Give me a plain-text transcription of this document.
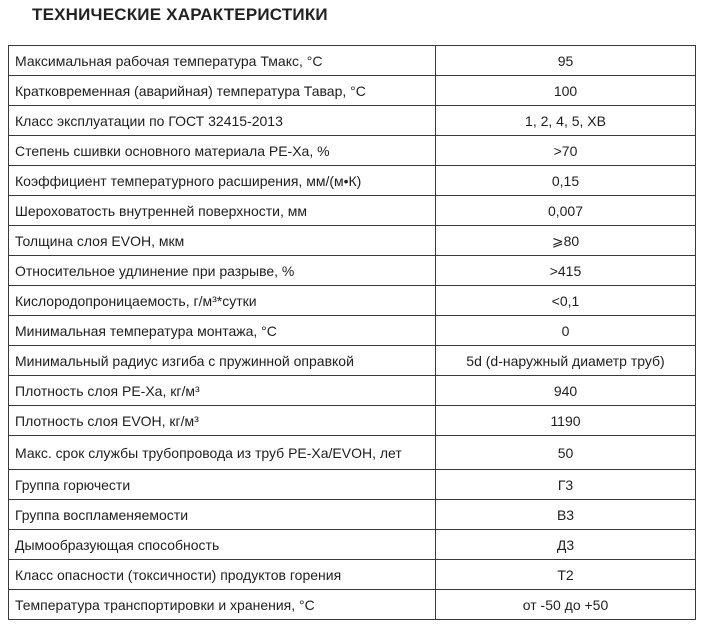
ТЕХНИЧЕСКИЕ ХАРАКТЕРИСТИКИ
Максимальная рабочая температура Тмакс, °С	95
Кратковременная (аварийная) температура Тавар, °С	100
Класс эксплуатации по ГОСТ 32415-2013	1, 2, 4, 5, ХВ
Степень сшивки основного материала PE-Xa, %	>70
Коэффициент температурного расширения, мм/(м•К)	0,15
Шероховатость внутренней поверхности, мм	0,007
Толщина слоя EVOH, мкм	⩾80
Относительное удлинение при разрыве, %	>415
Кислородопроницаемость, г/м³*сутки	<0,1
Минимальная температура монтажа, °С	0
Минимальный радиус изгиба с пружинной оправкой	5d (d-наружный диаметр труб)
Плотность слоя PE-Xa, кг/м³	940
Плотность слоя EVOH, кг/м³	1190
Макс. срок службы трубопровода из труб PE-Xa/EVOH, лет	50
Группа горючести	Г3
Группа воспламеняемости	В3
Дымообразующая способность	Д3
Класс опасности (токсичности) продуктов горения	Т2
Температура транспортировки и хранения, °С	от -50 до +50
